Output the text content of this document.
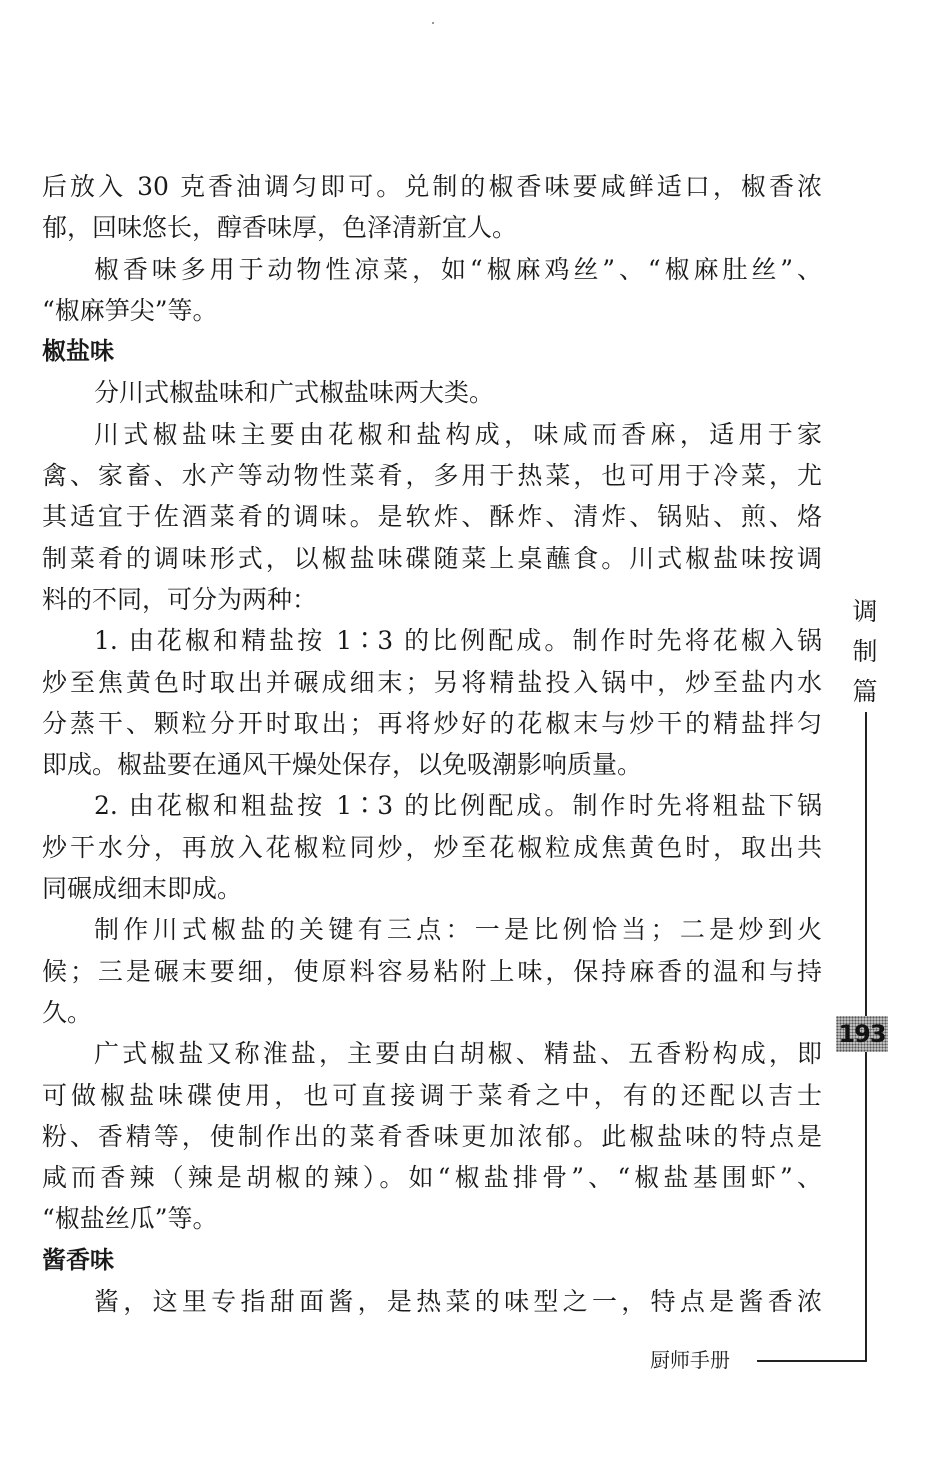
后放入 30 克香油调匀即可。兑制的椒香味要咸鲜适口，椒香浓
郁，回味悠长，醇香味厚，色泽清新宜人。
椒香味多用于动物性凉菜，如“椒麻鸡丝”、“椒麻肚丝”、
“椒麻笋尖”等。
椒盐味
分川式椒盐味和广式椒盐味两大类。
川式椒盐味主要由花椒和盐构成，味咸而香麻，适用于家
禽、家畜、水产等动物性菜肴，多用于热菜，也可用于冷菜，尤
其适宜于佐酒菜肴的调味。是软炸、酥炸、清炸、锅贴、煎、烙
制菜肴的调味形式，以椒盐味碟随菜上桌蘸食。川式椒盐味按调
料的不同，可分为两种：
1. 由花椒和精盐按 1∶3 的比例配成。制作时先将花椒入锅
炒至焦黄色时取出并碾成细末；另将精盐投入锅中，炒至盐内水
分蒸干、颗粒分开时取出；再将炒好的花椒末与炒干的精盐拌匀
即成。椒盐要在通风干燥处保存，以免吸潮影响质量。
2. 由花椒和粗盐按 1∶3 的比例配成。制作时先将粗盐下锅
炒干水分，再放入花椒粒同炒，炒至花椒粒成焦黄色时，取出共
同碾成细末即成。
制作川式椒盐的关键有三点：一是比例恰当；二是炒到火
候；三是碾末要细，使原料容易粘附上味，保持麻香的温和与持
久。
广式椒盐又称淮盐，主要由白胡椒、精盐、五香粉构成，即
可做椒盐味碟使用，也可直接调于菜肴之中，有的还配以吉士
粉、香精等，使制作出的菜肴香味更加浓郁。此椒盐味的特点是
咸而香辣（辣是胡椒的辣）。如“椒盐排骨”、“椒盐基围虾”、
“椒盐丝瓜”等。
酱香味
酱，这里专指甜面酱，是热菜的味型之一，特点是酱香浓
调
制
篇
193
厨师手册
